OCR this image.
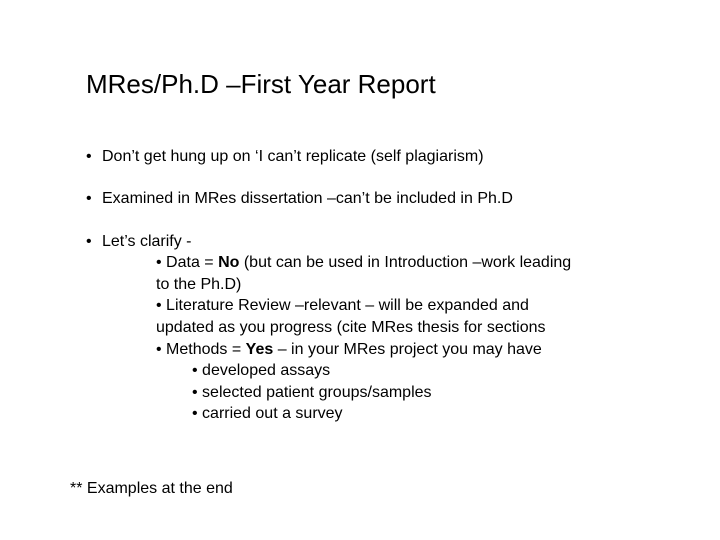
MRes/Ph.D –First Year Report
• Don’t get hung up on ‘I can’t replicate (self plagiarism)
• Examined in MRes dissertation –can’t be included in Ph.D
• Let’s clarify -
• Data = No (but can be used in Introduction –work leading
to the Ph.D)
• Literature Review –relevant – will be expanded and
updated as you progress (cite MRes thesis for sections
• Methods = Yes – in your MRes project you may have
• developed assays
• selected patient groups/samples
• carried out a survey
** Examples at the end
